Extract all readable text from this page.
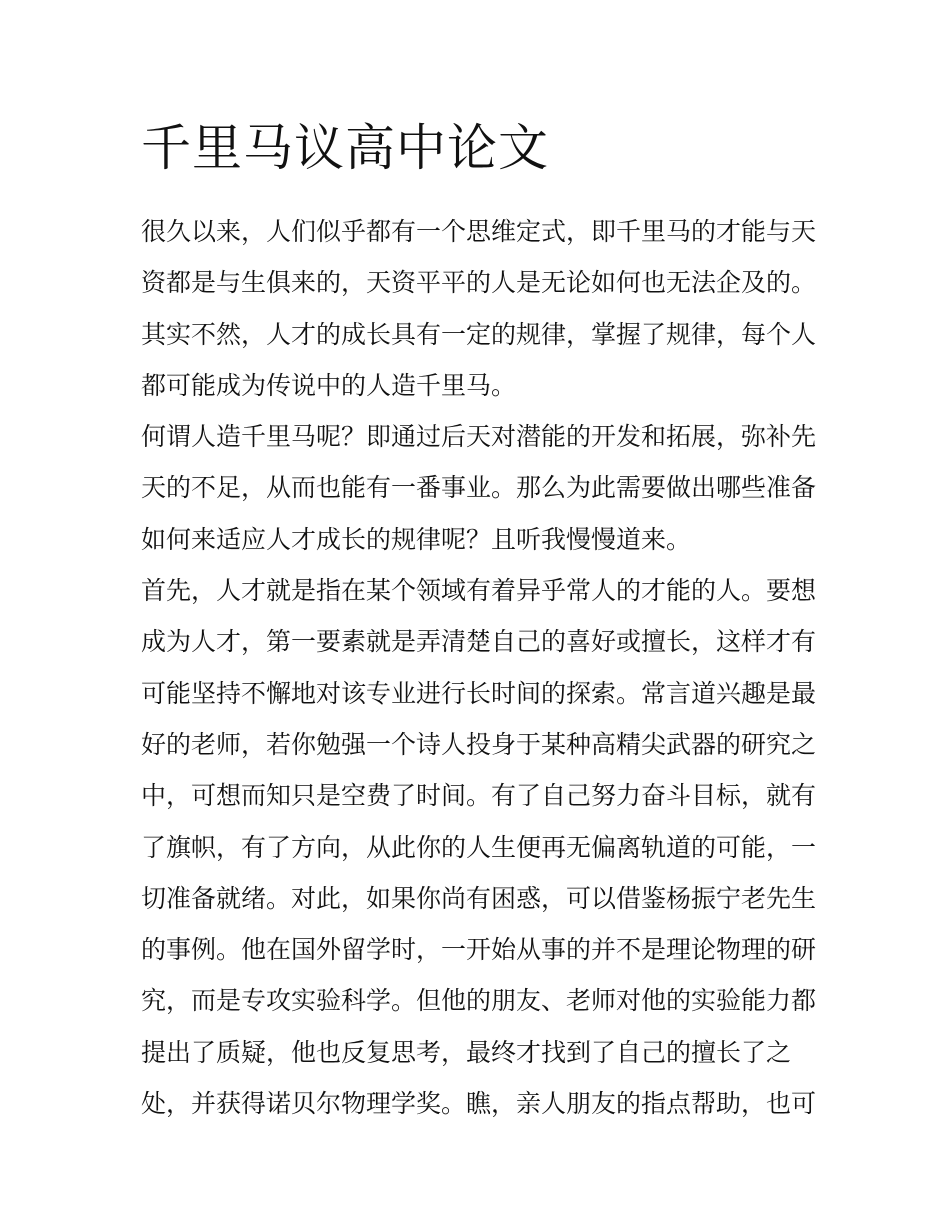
千里马议高中论文

很久以来，人们似乎都有一个思维定式，即千里马的才能与天

资都是与生俱来的，天资平平的人是无论如何也无法企及的。

其实不然，人才的成长具有一定的规律，掌握了规律，每个人

都可能成为传说中的人造千里马。

何谓人造千里马呢？即通过后天对潜能的开发和拓展，弥补先

天的不足，从而也能有一番事业。那么为此需要做出哪些准备

如何来适应人才成长的规律呢？且听我慢慢道来。

首先，人才就是指在某个领域有着异乎常人的才能的人。要想

成为人才，第一要素就是弄清楚自己的喜好或擅长，这样才有

可能坚持不懈地对该专业进行长时间的探索。常言道兴趣是最

好的老师，若你勉强一个诗人投身于某种高精尖武器的研究之

中，可想而知只是空费了时间。有了自己努力奋斗目标，就有

了旗帜，有了方向，从此你的人生便再无偏离轨道的可能，一

切准备就绪。对此，如果你尚有困惑，可以借鉴杨振宁老先生

的事例。他在国外留学时，一开始从事的并不是理论物理的研

究，而是专攻实验科学。但他的朋友、老师对他的实验能力都

提出了质疑，他也反复思考，最终才找到了自己的擅长了之

处，并获得诺贝尔物理学奖。瞧，亲人朋友的指点帮助，也可
